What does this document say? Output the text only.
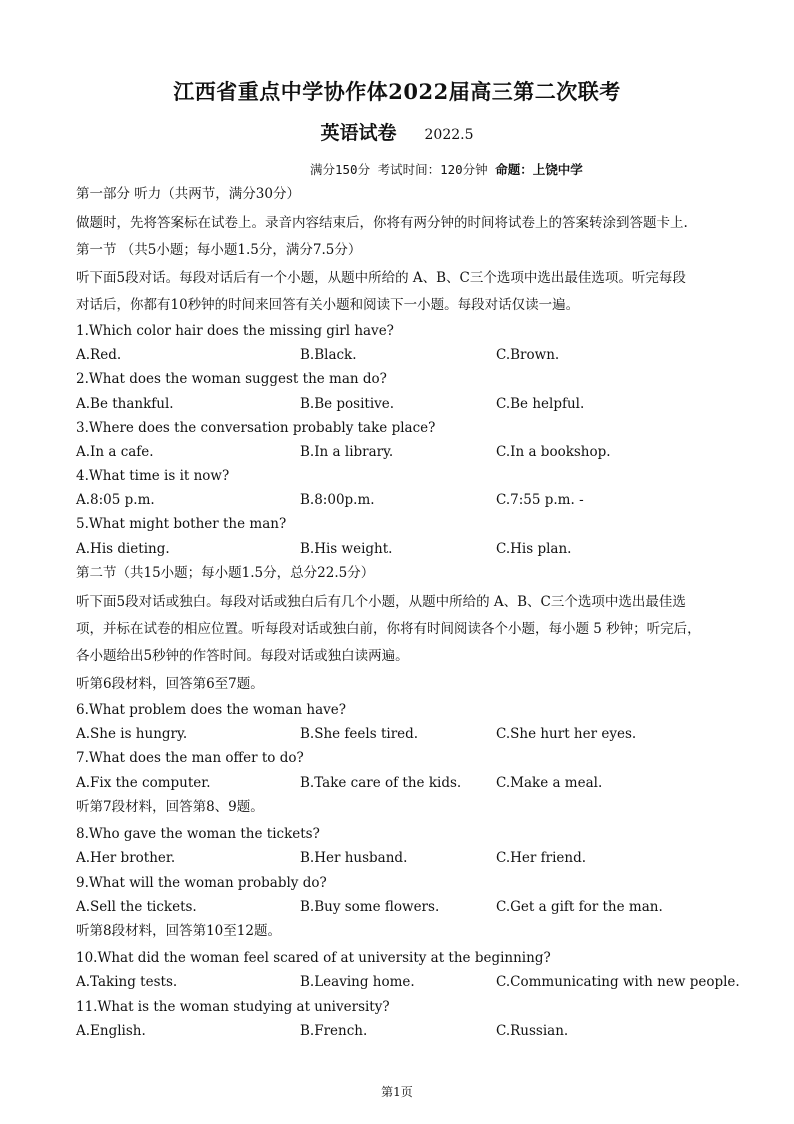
江西省重点中学协作体2022届高三第二次联考
英语试卷 2022.5
满分150分 考试时间：120分钟 命题：上饶中学
第一部分 听力（共两节，满分30分）
做题时，先将答案标在试卷上。录音内容结束后，你将有两分钟的时间将试卷上的答案转涂到答题卡上.
第一节 （共5小题；每小题1.5分，满分7.5分）
听下面5段对话。每段对话后有一个小题，从题中所给的 A、B、C三个选项中选出最佳选项。听完每段
对话后，你都有10秒钟的时间来回答有关小题和阅读下一小题。每段对话仅读一遍。
1.Which color hair does the missing girl have?
A.Red.	B.Black.	C.Brown.
2.What does the woman suggest the man do?
A.Be thankful.	B.Be positive.	C.Be helpful.
3.Where does the conversation probably take place?
A.In a cafe.	B.In a library.	C.In a bookshop.
4.What time is it now?
A.8:05 p.m.	B.8:00p.m.	C.7:55 p.m. -
5.What might bother the man?
A.His dieting.	B.His weight.	C.His plan.
第二节（共15小题；每小题1.5分，总分22.5分）
听下面5段对话或独白。每段对话或独白后有几个小题，从题中所给的 A、B、C三个选项中选出最佳选
项，并标在试卷的相应位置。听每段对话或独白前，你将有时间阅读各个小题，每小题 5 秒钟；听完后，
各小题给出5秒钟的作答时间。每段对话或独白读两遍。
听第6段材料，回答第6至7题。
6.What problem does the woman have?
A.She is hungry.	B.She feels tired.	C.She hurt her eyes.
7.What does the man offer to do?
A.Fix the computer.	B.Take care of the kids.	C.Make a meal.
听第7段材料，回答第8、9题。
8.Who gave the woman the tickets?
A.Her brother.	B.Her husband.	C.Her friend.
9.What will the woman probably do?
A.Sell the tickets.	B.Buy some flowers.	C.Get a gift for the man.
听第8段材料，回答第10至12题。
10.What did the woman feel scared of at university at the beginning?
A.Taking tests.	B.Leaving home.	C.Communicating with new people.
11.What is the woman studying at university?
A.English.	B.French.	C.Russian.
第1页
